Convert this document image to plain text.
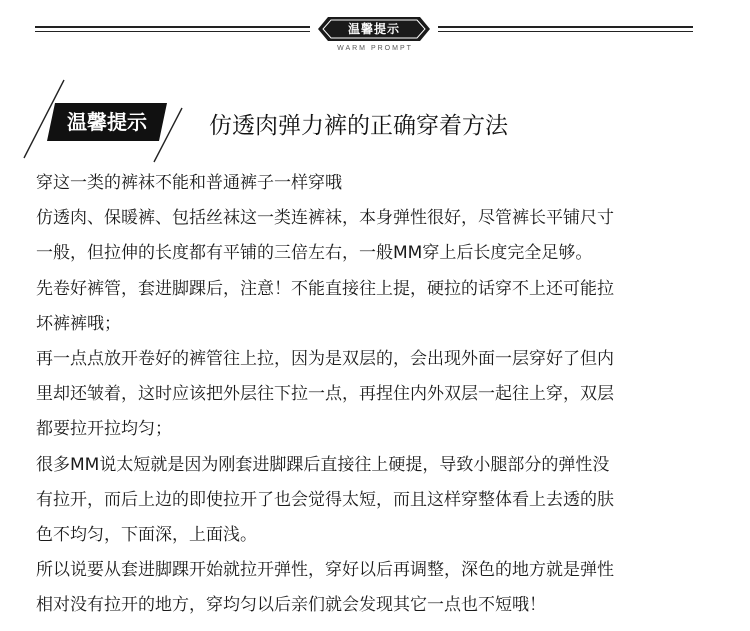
温馨提示
WARM PROMPT
温馨提示	仿透肉弹力裤的正确穿着方法

穿这一类的裤袜不能和普通裤子一样穿哦

仿透肉、保暖裤、包括丝袜这一类连裤袜，本身弹性很好，尽管裤长平铺尺寸

一般，但拉伸的长度都有平铺的三倍左右，一般MM穿上后长度完全足够。

先卷好裤管，套进脚踝后，注意！不能直接往上提，硬拉的话穿不上还可能拉

坏裤裤哦；

再一点点放开卷好的裤管往上拉，因为是双层的，会出现外面一层穿好了但内

里却还皱着，这时应该把外层往下拉一点，再捏住内外双层一起往上穿，双层

都要拉开拉均匀；

很多MM说太短就是因为刚套进脚踝后直接往上硬提，导致小腿部分的弹性没

有拉开，而后上边的即使拉开了也会觉得太短，而且这样穿整体看上去透的肤

色不均匀，下面深，上面浅。

所以说要从套进脚踝开始就拉开弹性，穿好以后再调整，深色的地方就是弹性

相对没有拉开的地方，穿均匀以后亲们就会发现其它一点也不短哦！
